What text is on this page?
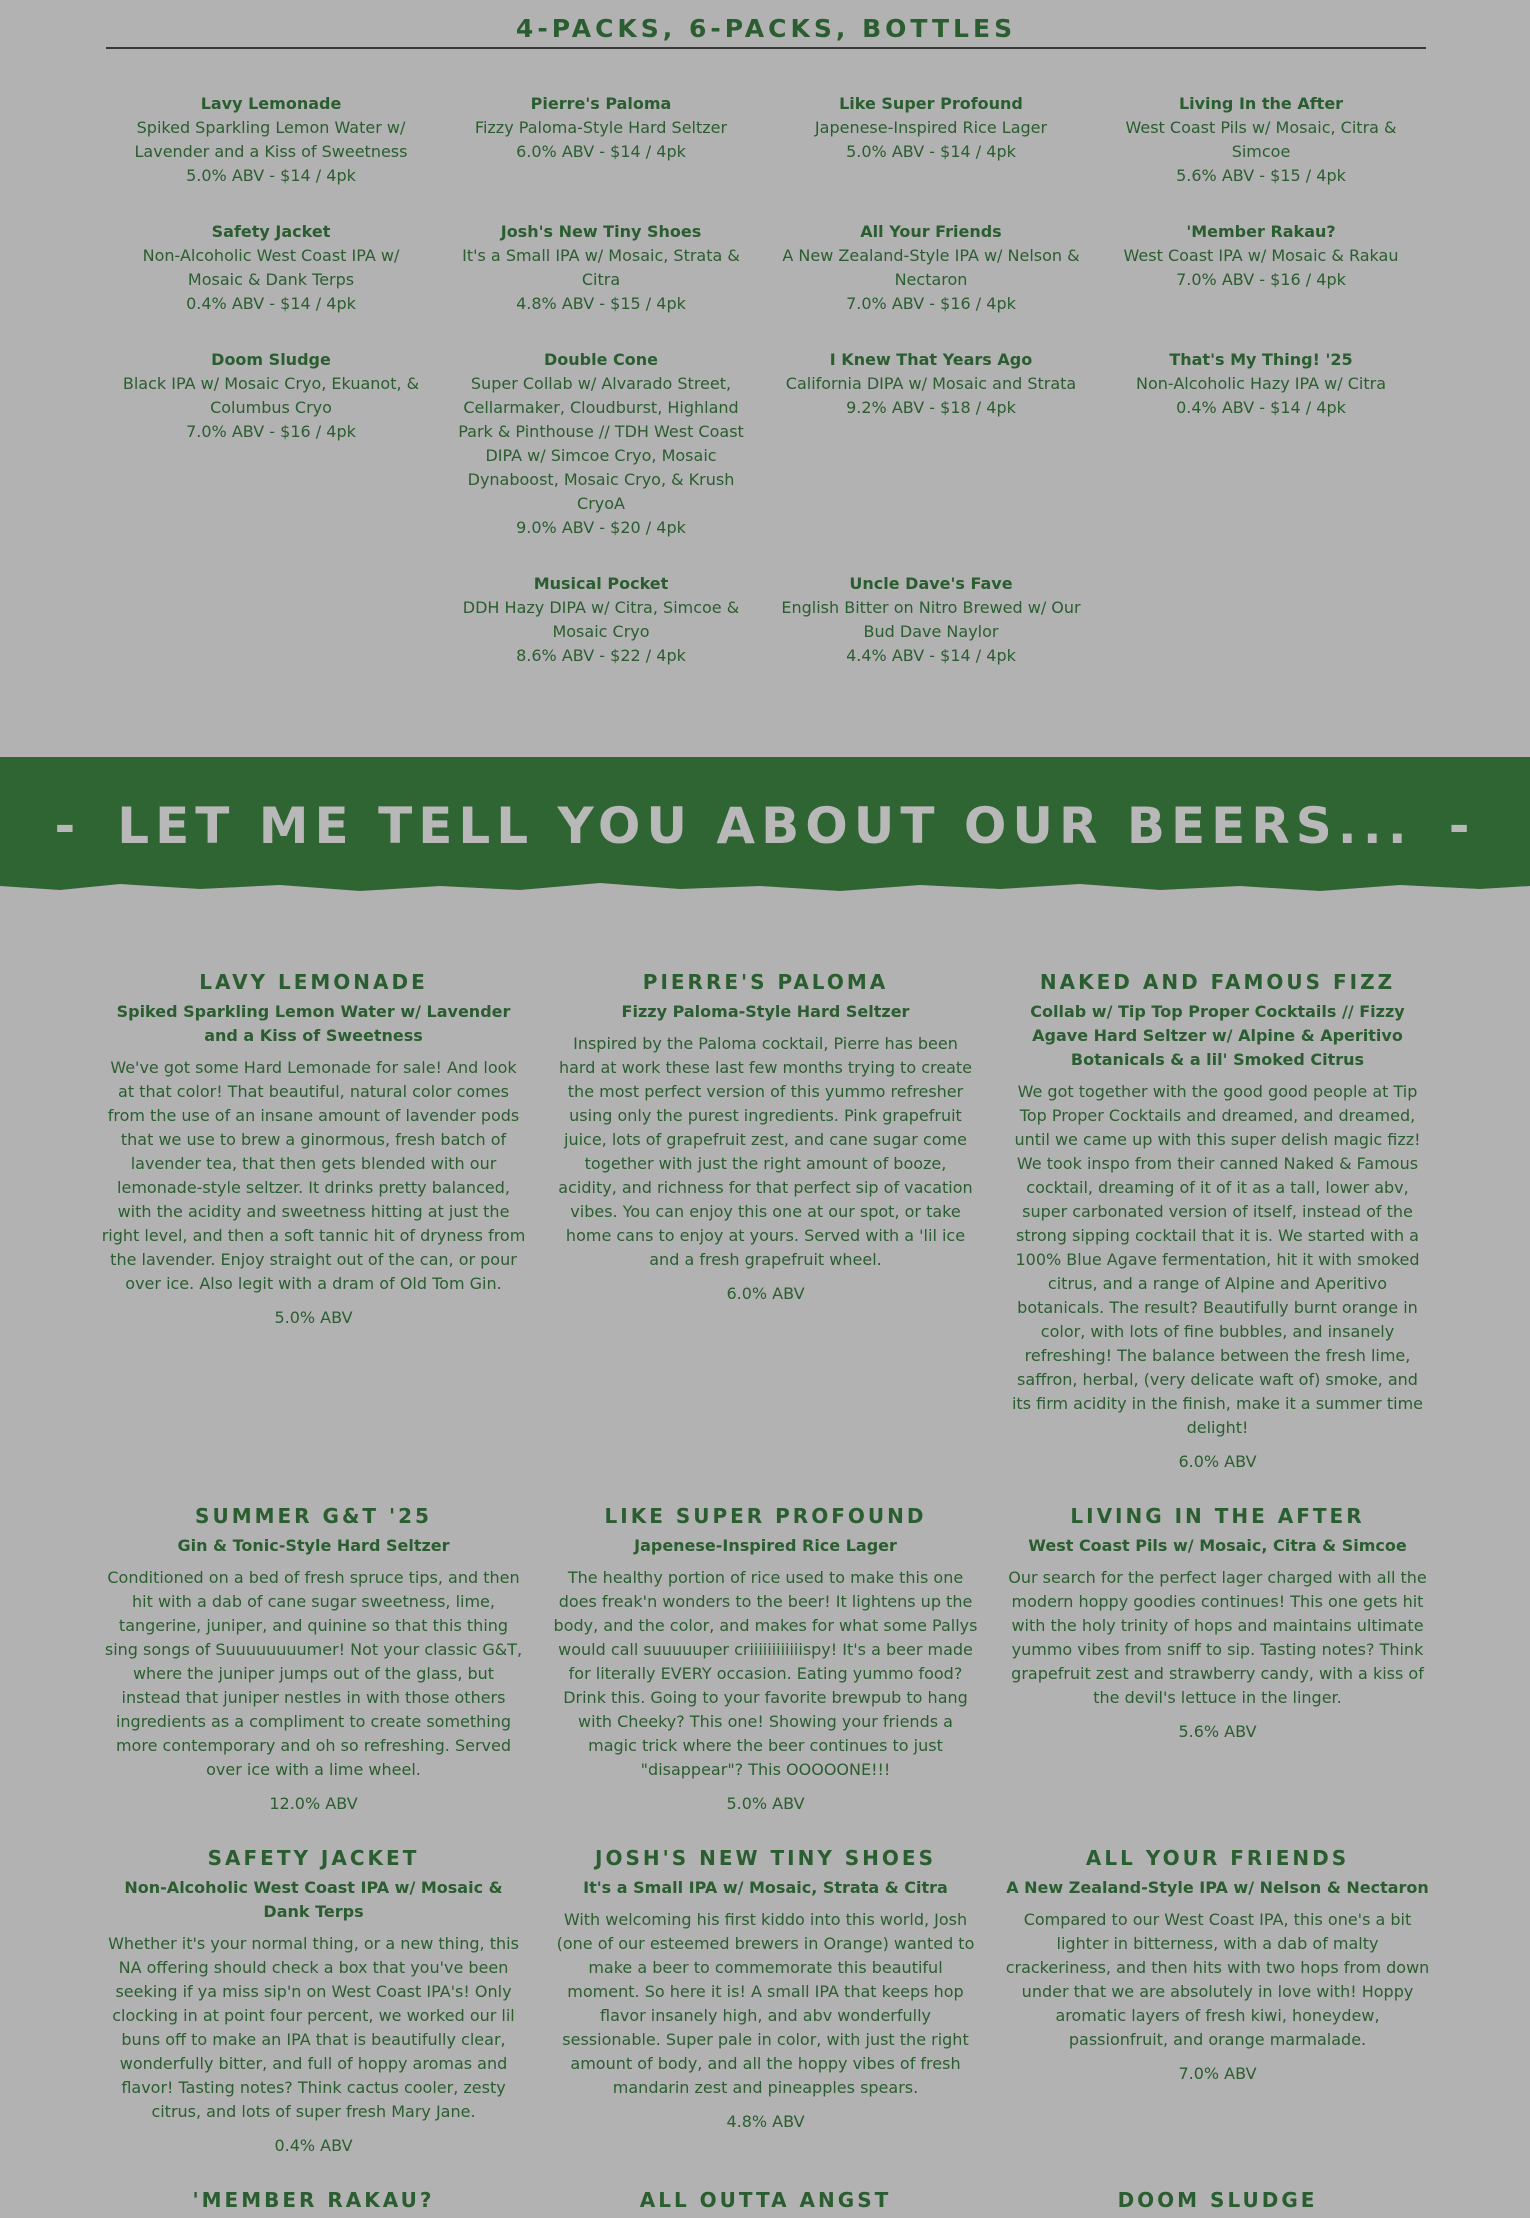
4-PACKS, 6-PACKS, BOTTLES
Lavy Lemonade
Spiked Sparkling Lemon Water w/ Lavender and a Kiss of Sweetness
5.0% ABV - $14 / 4pk
Pierre's Paloma
Fizzy Paloma-Style Hard Seltzer
6.0% ABV - $14 / 4pk
Like Super Profound
Japenese-Inspired Rice Lager
5.0% ABV - $14 / 4pk
Living In the After
West Coast Pils w/ Mosaic, Citra & Simcoe
5.6% ABV - $15 / 4pk
Safety Jacket
Non-Alcoholic West Coast IPA w/ Mosaic & Dank Terps
0.4% ABV - $14 / 4pk
Josh's New Tiny Shoes
It's a Small IPA w/ Mosaic, Strata & Citra
4.8% ABV - $15 / 4pk
All Your Friends
A New Zealand-Style IPA w/ Nelson & Nectaron
7.0% ABV - $16 / 4pk
'Member Rakau?
West Coast IPA w/ Mosaic & Rakau
7.0% ABV - $16 / 4pk
Doom Sludge
Black IPA w/ Mosaic Cryo, Ekuanot, & Columbus Cryo
7.0% ABV - $16 / 4pk
Double Cone
Super Collab w/ Alvarado Street, Cellarmaker, Cloudburst, Highland Park & Pinthouse // TDH West Coast DIPA w/ Simcoe Cryo, Mosaic Dynaboost, Mosaic Cryo, & Krush CryoA
9.0% ABV - $20 / 4pk
I Knew That Years Ago
California DIPA w/ Mosaic and Strata
9.2% ABV - $18 / 4pk
That's My Thing! '25
Non-Alcoholic Hazy IPA w/ Citra
0.4% ABV - $14 / 4pk
Musical Pocket
DDH Hazy DIPA w/ Citra, Simcoe & Mosaic Cryo
8.6% ABV - $22 / 4pk
Uncle Dave's Fave
English Bitter on Nitro Brewed w/ Our Bud Dave Naylor
4.4% ABV - $14 / 4pk
- LET ME TELL YOU ABOUT OUR BEERS... -
LAVY LEMONADE

Spiked Sparkling Lemon Water w/ Lavender and a Kiss of Sweetness

We've got some Hard Lemonade for sale! And look at that color! That beautiful, natural color comes from the use of an insane amount of lavender pods that we use to brew a ginormous, fresh batch of lavender tea, that then gets blended with our lemonade-style seltzer. It drinks pretty balanced, with the acidity and sweetness hitting at just the right level, and then a soft tannic hit of dryness from the lavender. Enjoy straight out of the can, or pour over ice. Also legit with a dram of Old Tom Gin.

5.0% ABV

PIERRE'S PALOMA

Fizzy Paloma-Style Hard Seltzer

Inspired by the Paloma cocktail, Pierre has been hard at work these last few months trying to create the most perfect version of this yummo refresher using only the purest ingredients. Pink grapefruit juice, lots of grapefruit zest, and cane sugar come together with just the right amount of booze, acidity, and richness for that perfect sip of vacation vibes. You can enjoy this one at our spot, or take home cans to enjoy at yours. Served with a 'lil ice and a fresh grapefruit wheel.

6.0% ABV

NAKED AND FAMOUS FIZZ

Collab w/ Tip Top Proper Cocktails // Fizzy Agave Hard Seltzer w/ Alpine & Aperitivo Botanicals & a lil' Smoked Citrus

We got together with the good good people at Tip Top Proper Cocktails and dreamed, and dreamed, until we came up with this super delish magic fizz! We took inspo from their canned Naked & Famous cocktail, dreaming of it of it as a tall, lower abv, super carbonated version of itself, instead of the strong sipping cocktail that it is. We started with a 100% Blue Agave fermentation, hit it with smoked citrus, and a range of Alpine and Aperitivo botanicals. The result? Beautifully burnt orange in color, with lots of fine bubbles, and insanely refreshing! The balance between the fresh lime, saffron, herbal, (very delicate waft of) smoke, and its firm acidity in the finish, make it a summer time delight!

6.0% ABV

SUMMER G&T '25

Gin & Tonic-Style Hard Seltzer

Conditioned on a bed of fresh spruce tips, and then hit with a dab of cane sugar sweetness, lime, tangerine, juniper, and quinine so that this thing sing songs of Suuuuuuuumer! Not your classic G&T, where the juniper jumps out of the glass, but instead that juniper nestles in with those others ingredients as a compliment to create something more contemporary and oh so refreshing. Served over ice with a lime wheel.

12.0% ABV

LIKE SUPER PROFOUND

Japenese-Inspired Rice Lager

The healthy portion of rice used to make this one does freak'n wonders to the beer! It lightens up the body, and the color, and makes for what some Pallys would call suuuuuper criiiiiiiiiiiispy! It's a beer made for literally EVERY occasion. Eating yummo food? Drink this. Going to your favorite brewpub to hang with Cheeky? This one! Showing your friends a magic trick where the beer continues to just "disappear"? This OOOOONE!!!

5.0% ABV

LIVING IN THE AFTER

West Coast Pils w/ Mosaic, Citra & Simcoe

Our search for the perfect lager charged with all the modern hoppy goodies continues! This one gets hit with the holy trinity of hops and maintains ultimate yummo vibes from sniff to sip. Tasting notes? Think grapefruit zest and strawberry candy, with a kiss of the devil's lettuce in the linger.

5.6% ABV

SAFETY JACKET

Non-Alcoholic West Coast IPA w/ Mosaic & Dank Terps

Whether it's your normal thing, or a new thing, this NA offering should check a box that you've been seeking if ya miss sip'n on West Coast IPA's! Only clocking in at point four percent, we worked our lil buns off to make an IPA that is beautifully clear, wonderfully bitter, and full of hoppy aromas and flavor! Tasting notes? Think cactus cooler, zesty citrus, and lots of super fresh Mary Jane.

0.4% ABV

JOSH'S NEW TINY SHOES

It's a Small IPA w/ Mosaic, Strata & Citra

With welcoming his first kiddo into this world, Josh (one of our esteemed brewers in Orange) wanted to make a beer to commemorate this beautiful moment. So here it is! A small IPA that keeps hop flavor insanely high, and abv wonderfully sessionable. Super pale in color, with just the right amount of body, and all the hoppy vibes of fresh mandarin zest and pineapples spears.

4.8% ABV

ALL YOUR FRIENDS

A New Zealand-Style IPA w/ Nelson & Nectaron

Compared to our West Coast IPA, this one's a bit lighter in bitterness, with a dab of malty crackeriness, and then hits with two hops from down under that we are absolutely in love with! Hoppy aromatic layers of fresh kiwi, honeydew, passionfruit, and orange marmalade.

7.0% ABV

'MEMBER RAKAU?	ALL OUTTA ANGST	DOOM SLUDGE
